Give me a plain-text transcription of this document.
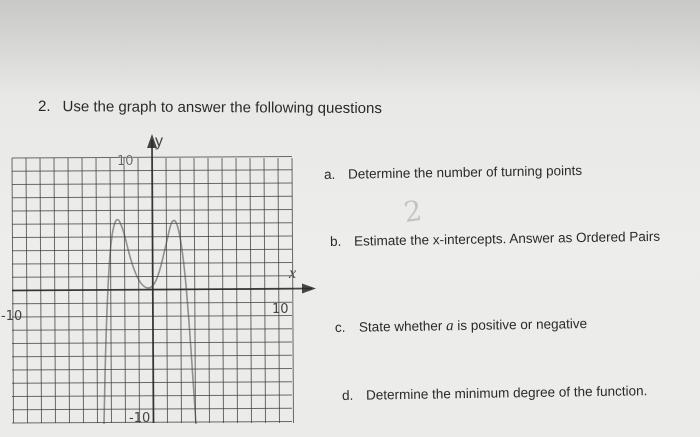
2. Use the graph to answer the following questions
y
x
10
-10
-10	10
a. Determine the number of turning points
2
b. Estimate the x-intercepts. Answer as Ordered Pairs
c. State whether a is positive or negative
d. Determine the minimum degree of the function.
